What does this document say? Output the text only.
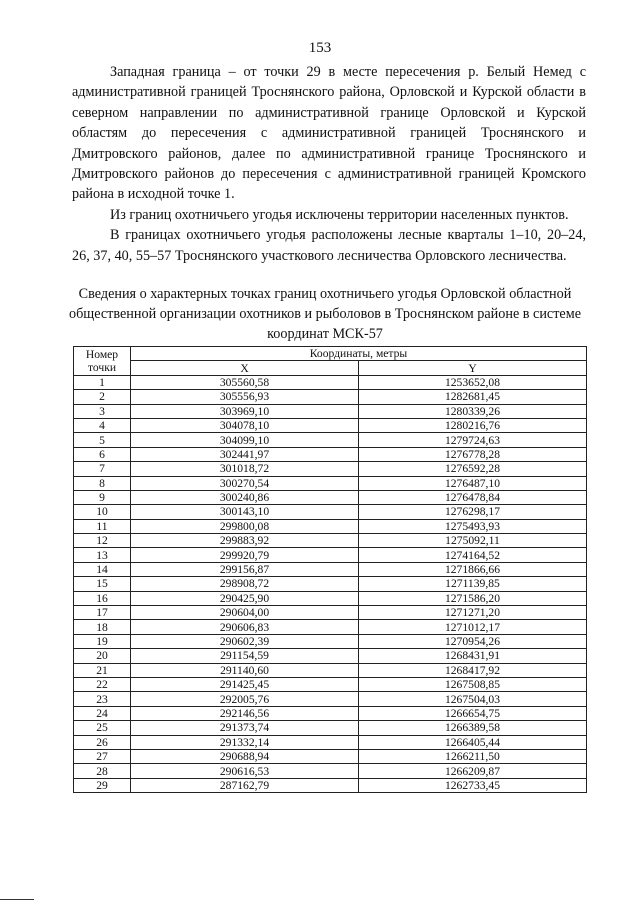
153

Западная граница – от точки 29 в месте пересечения р. Белый Немед с административной границей Троснянского района, Орловской и Курской области в северном направлении по административной границе Орловской и Курской областям до пересечения с административной границей Троснянского и Дмитровского районов, далее по административной границе Троснянского и Дмитровского районов до пересечения с административной границей Кромского района в исходной точке 1.

Из границ охотничьего угодья исключены территории населенных пунктов.

В границах охотничьего угодья расположены лесные кварталы 1–10, 20–24, 26, 37, 40, 55–57 Троснянского участкового лесничества Орловского лесничества.

Сведения о характерных точках границ охотничьего угодья Орловской областной общественной организации охотников и рыболовов в Троснянском районе в системе координат МСК-57
Номер точки	Координаты, метры	
	X	Y
1	305560,58	1253652,08
2	305556,93	1282681,45
3	303969,10	1280339,26
4	304078,10	1280216,76
5	304099,10	1279724,63
6	302441,97	1276778,28
7	301018,72	1276592,28
8	300270,54	1276487,10
9	300240,86	1276478,84
10	300143,10	1276298,17
11	299800,08	1275493,93
12	299883,92	1275092,11
13	299920,79	1274164,52
14	299156,87	1271866,66
15	298908,72	1271139,85
16	290425,90	1271586,20
17	290604,00	1271271,20
18	290606,83	1271012,17
19	290602,39	1270954,26
20	291154,59	1268431,91
21	291140,60	1268417,92
22	291425,45	1267508,85
23	292005,76	1267504,03
24	292146,56	1266654,75
25	291373,74	1266389,58
26	291332,14	1266405,44
27	290688,94	1266211,50
28	290616,53	1266209,87
29	287162,79	1262733,45
